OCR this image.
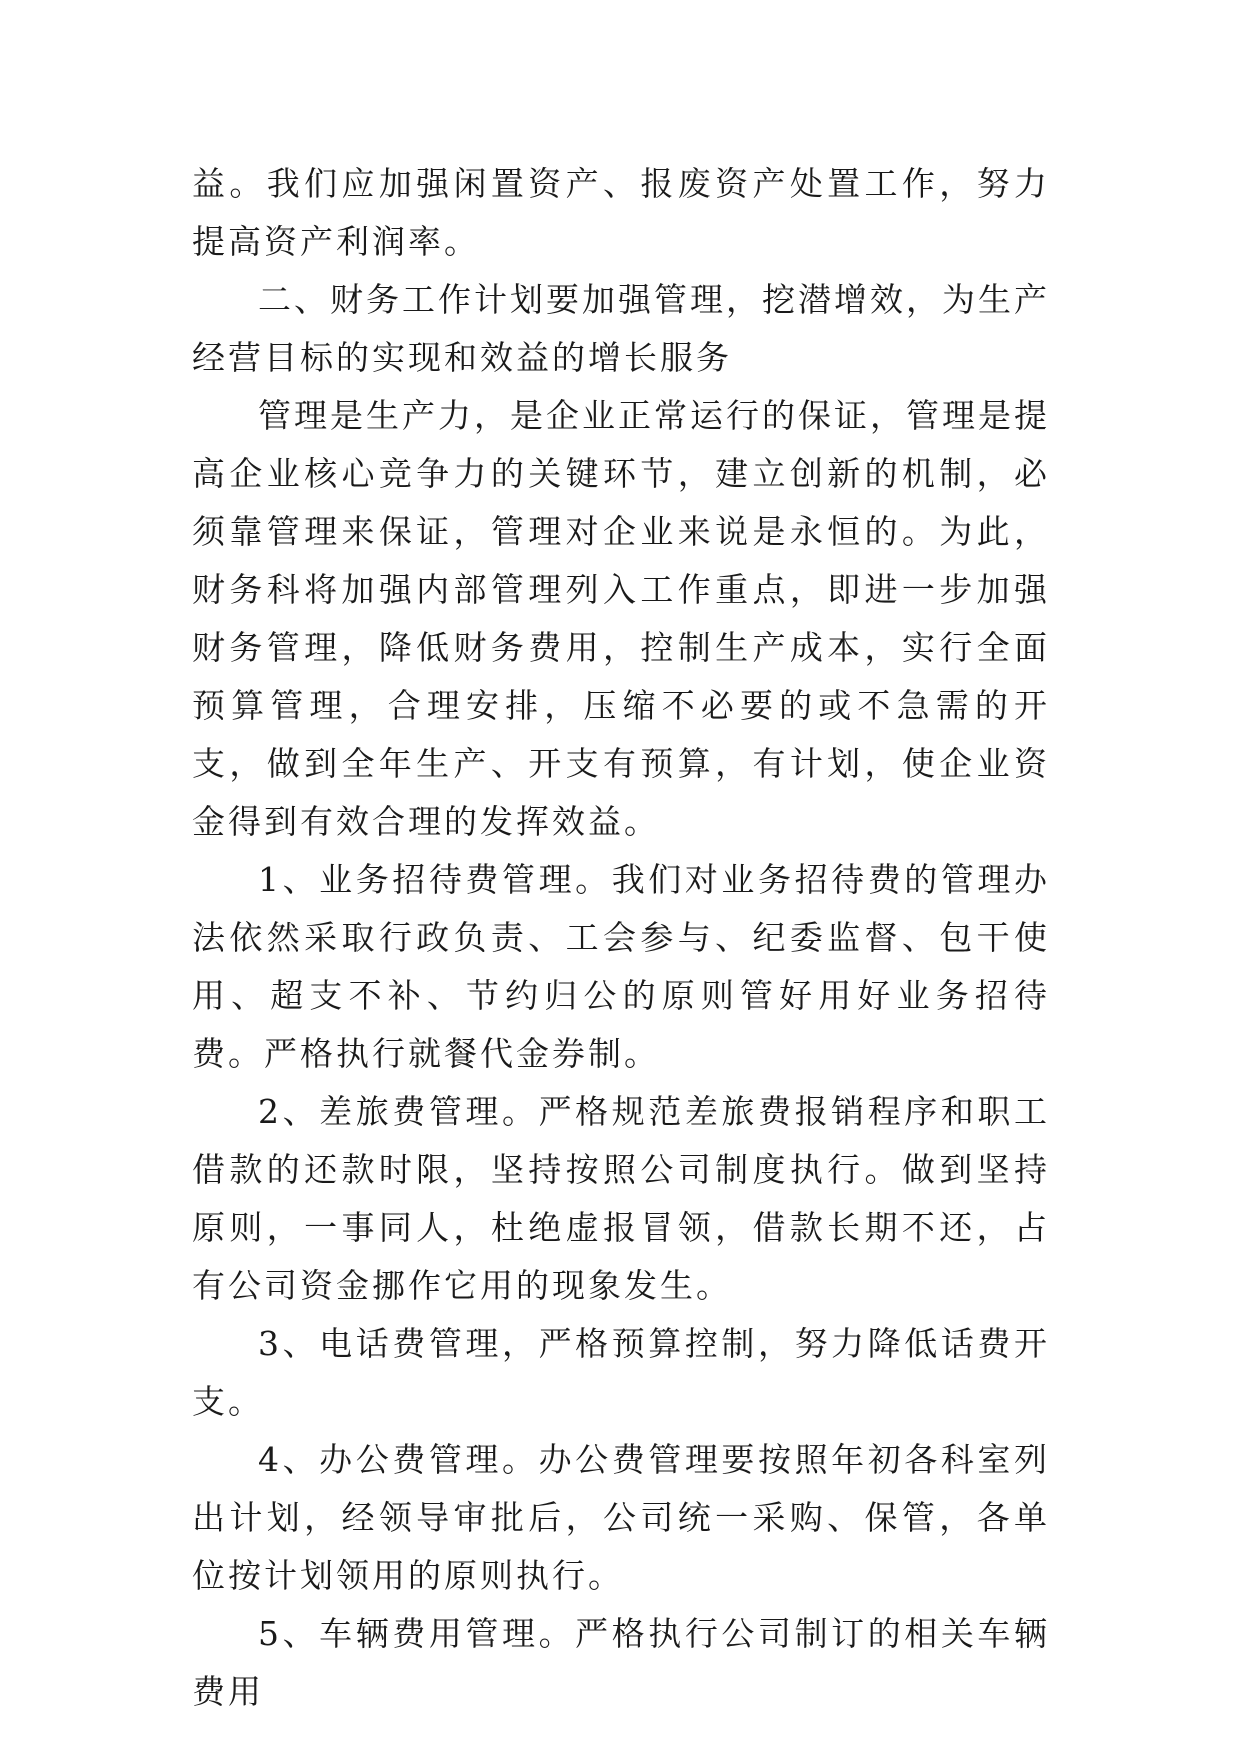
益。我们应加强闲置资产、报废资产处置工作，努力提高资产利润率。

二、财务工作计划要加强管理，挖潜增效，为生产经营目标的实现和效益的增长服务

管理是生产力，是企业正常运行的保证，管理是提高企业核心竞争力的关键环节，建立创新的机制，必须靠管理来保证，管理对企业来说是永恒的。为此，财务科将加强内部管理列入工作重点，即进一步加强财务管理，降低财务费用，控制生产成本，实行全面预算管理，合理安排，压缩不必要的或不急需的开支，做到全年生产、开支有预算，有计划，使企业资金得到有效合理的发挥效益。

1、业务招待费管理。我们对业务招待费的管理办法依然采取行政负责、工会参与、纪委监督、包干使用、超支不补、节约归公的原则管好用好业务招待费。严格执行就餐代金券制。

2、差旅费管理。严格规范差旅费报销程序和职工借款的还款时限，坚持按照公司制度执行。做到坚持原则，一事同人，杜绝虚报冒领，借款长期不还，占有公司资金挪作它用的现象发生。

3、电话费管理，严格预算控制，努力降低话费开支。

4、办公费管理。办公费管理要按照年初各科室列出计划，经领导审批后，公司统一采购、保管，各单位按计划领用的原则执行。

5、车辆费用管理。严格执行公司制订的相关车辆费用
